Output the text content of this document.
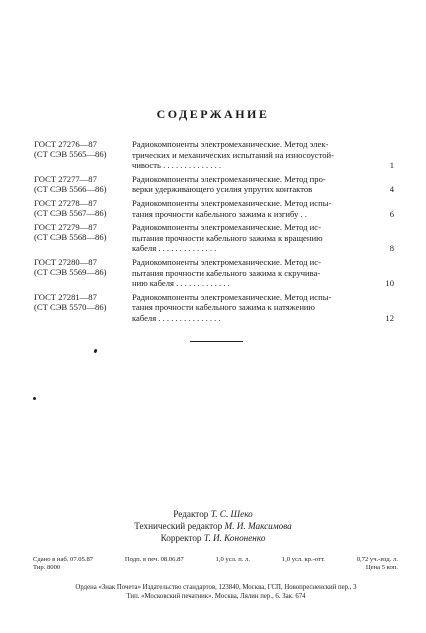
СОДЕРЖАНИЕ
ГОСТ 27276—87
(СТ СЭВ 5565—86)
Радиокомпоненты электромеханические. Метод элек-
трических и механических испытаний на износоустой-
чивость . . . . . . . . . . . . . .	1
ГОСТ 27277—87
(СТ СЭВ 5566—86)
Радиокомпоненты электромеханические. Метод про-
верки удерживающего усилия упругих контактов	4
ГОСТ 27278—87
(СТ СЭВ 5567—86)
Радиокомпоненты электромеханические. Метод испы-
тания прочности кабельного зажима к изгибу . .	6
ГОСТ 27279—87
(СТ СЭВ 5568—86)
Радиокомпоненты электромеханические. Метод ис-
пытания прочности кабельного зажима к вращению
кабеля . . . . . . . . . . . . . .	8
ГОСТ 27280—87
(СТ СЭВ 5569—86)
Радиокомпоненты электромеханические. Метод ис-
пытания прочности кабельного зажима к скручива-
нию кабеля . . . . . . . . . . . . .	10
ГОСТ 27281—87
(СТ СЭВ 5570—86)
Радиокомпоненты электромеханические. Метод испы-
тания прочности кабельного зажима к натяжению
кабеля . . . . . . . . . . . . . . .	12
Редактор Т. С. Шеко
Технический редактор М. И. Максимова
Корректор Т. И. Кононенко
Сдано в наб. 07.05.87	Подп. в печ. 08.06.87	1,0 усл. п. л.	1,0 усл. кр.-отт.	0,72 уч.-изд. л.
Тир. 8000	Цена 5 коп.
Ордена «Знак Почета» Издательство стандартов, 123840, Москва, ГСП, Новопресненский пер., 3
Тип. «Московский печатник». Москва, Лялин пер., 6. Зак. 674
